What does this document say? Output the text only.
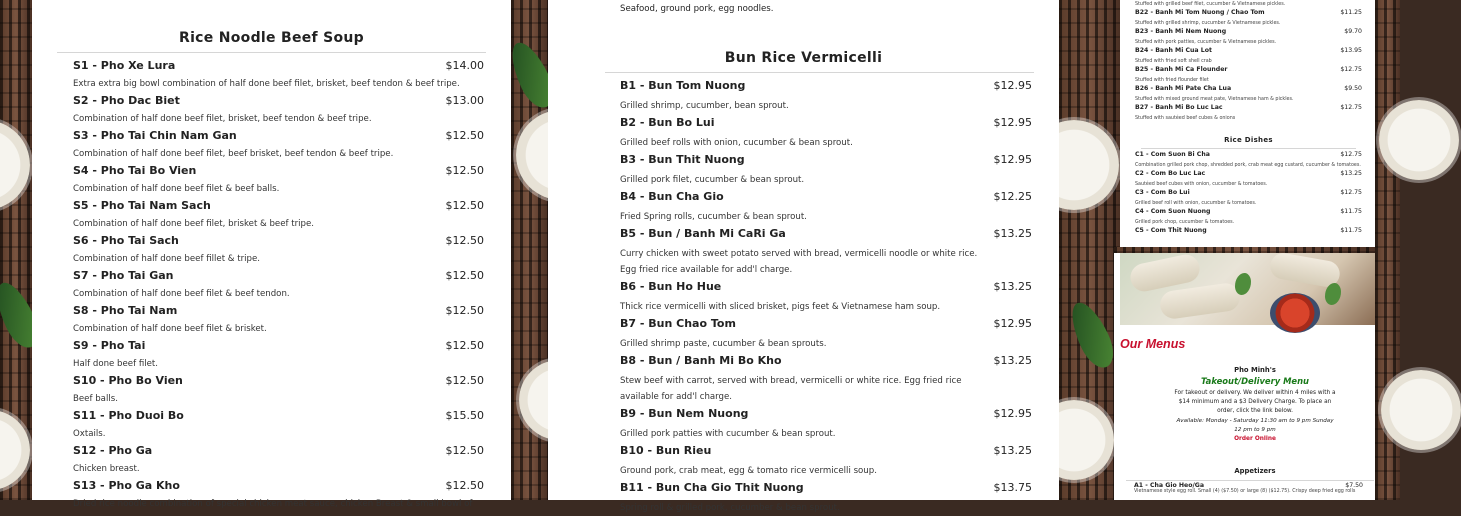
Rice Noodle Beef Soup
S1 - Pho Xe Lura	$14.00
Extra extra big bowl combination of half done beef filet, brisket, beef tendon & beef tripe.
S2 - Pho Dac Biet	$13.00
Combination of half done beef filet, brisket, beef tendon & beef tripe.
S3 - Pho Tai Chin Nam Gan	$12.50
Combination of half done beef filet, beef brisket, beef tendon & beef tripe.
S4 - Pho Tai Bo Vien	$12.50
Combination of half done beef filet & beef balls.
S5 - Pho Tai Nam Sach	$12.50
Combination of half done beef filet, brisket & beef tripe.
S6 - Pho Tai Sach	$12.50
Combination of half done beef fillet & tripe.
S7 - Pho Tai Gan	$12.50
Combination of half done beef filet & beef tendon.
S8 - Pho Tai Nam	$12.50
Combination of half done beef filet & brisket.
S9 - Pho Tai	$12.50
Half done beef filet.
S10 - Pho Bo Vien	$12.50
Beef balls.
S11 - Pho Duoi Bo	$15.50
Oxtails.
S12 - Pho Ga	$12.50
Chicken breast.
S13 - Pho Ga Kho	$12.50
Dried rice noodle combination of special chicken meat sauce, chicken Breast & small bowl of
Seafood, ground pork, egg noodles.
Bun Rice Vermicelli
B1 - Bun Tom Nuong	$12.95
Grilled shrimp, cucumber, bean sprout.
B2 - Bun Bo Lui	$12.95
Grilled beef rolls with onion, cucumber & bean sprout.
B3 - Bun Thit Nuong	$12.95
Grilled pork filet, cucumber & bean sprout.
B4 - Bun Cha Gio	$12.25
Fried Spring rolls, cucumber & bean sprout.
B5 - Bun / Banh Mi CaRi Ga	$13.25
Curry chicken with sweet potato served with bread, vermicelli noodle or white rice. Egg fried rice available for add'l charge.
B6 - Bun Ho Hue	$13.25
Thick rice vermicelli with sliced brisket, pigs feet & Vietnamese ham soup.
B7 - Bun Chao Tom	$12.95
Grilled shrimp paste, cucumber & bean sprouts.
B8 - Bun / Banh Mi Bo Kho	$13.25
Stew beef with carrot, served with bread, vermicelli or white rice. Egg fried rice available for add'l charge.
B9 - Bun Nem Nuong	$12.95
Grilled pork patties with cucumber & bean sprout.
B10 - Bun Rieu	$13.25
Ground pork, crab meat, egg & tomato rice vermicelli soup.
B11 - Bun Cha Gio Thit Nuong	$13.75
Spring roll & grilled pork, cucumber & bean sprout.
Stuffed with grilled beef filet, cucumber & Vietnamese pickles.
B22 - Banh Mi Tom Nuong / Chao Tom	$11.25
Stuffed with grilled shrimp, cucumber & Vietnamese pickles.
B23 - Banh Mi Nem Nuong	$9.70
Stuffed with pork patties, cucumber & Vietnamese pickles.
B24 - Banh Mi Cua Lot	$13.95
Stuffed with fried soft shell crab
B25 - Banh Mi Ca Flounder	$12.75
Stuffed with fried flounder filet
B26 - Banh Mi Pate Cha Lua	$9.50
Stuffed with mixed ground meat pate, Vietnamese ham & pickles.
B27 - Banh Mi Bo Luc Lac	$12.75
Stuffed with sautéed beef cubes & onions
Rice Dishes
C1 - Com Suon Bi Cha	$12.75
Combination grilled pork chop, shredded pork, crab meat egg custard, cucumber & tomatoes.
C2 - Com Bo Luc Lac	$13.25
Sautéed beef cubes with onion, cucumber & tomatoes.
C3 - Com Bo Lui	$12.75
Grilled beef roll with onion, cucumber & tomatoes.
C4 - Com Suon Nuong	$11.75
Grilled pork chop, cucumber & tomatoes.
C5 - Com Thit Nuong	$11.75
Our Menus
Pho Minh's
Takeout/Delivery Menu
For takeout or delivery. We deliver within 4 miles with a $14 minimum and a $3 Delivery Charge. To place an order, click the link below.
Available: Monday - Saturday 11:30 am to 9 pm Sunday
12 pm to 9 pm
Order Online
Appetizers
A1 - Cha Gio Heo/Ga	$7.50
Vietnamese style egg roll. Small (4) ($7.50) or large (8) ($12.75). Crispy deep fried egg rolls
